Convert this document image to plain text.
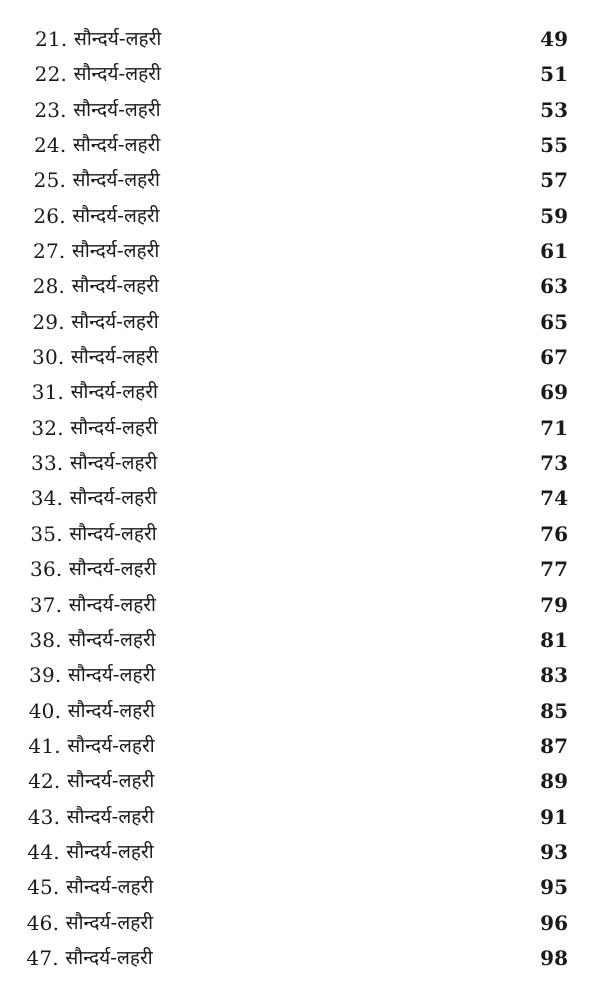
21. सौन्दर्य-लहरी	49
22. सौन्दर्य-लहरी	51
23. सौन्दर्य-लहरी	53
24. सौन्दर्य-लहरी	55
25. सौन्दर्य-लहरी	57
26. सौन्दर्य-लहरी	59
27. सौन्दर्य-लहरी	61
28. सौन्दर्य-लहरी	63
29. सौन्दर्य-लहरी	65
30. सौन्दर्य-लहरी	67
31. सौन्दर्य-लहरी	69
32. सौन्दर्य-लहरी	71
33. सौन्दर्य-लहरी	73
34. सौन्दर्य-लहरी	74
35. सौन्दर्य-लहरी	76
36. सौन्दर्य-लहरी	77
37. सौन्दर्य-लहरी	79
38. सौन्दर्य-लहरी	81
39. सौन्दर्य-लहरी	83
40. सौन्दर्य-लहरी	85
41. सौन्दर्य-लहरी	87
42. सौन्दर्य-लहरी	89
43. सौन्दर्य-लहरी	91
44. सौन्दर्य-लहरी	93
45. सौन्दर्य-लहरी	95
46. सौन्दर्य-लहरी	96
47. सौन्दर्य-लहरी	98
